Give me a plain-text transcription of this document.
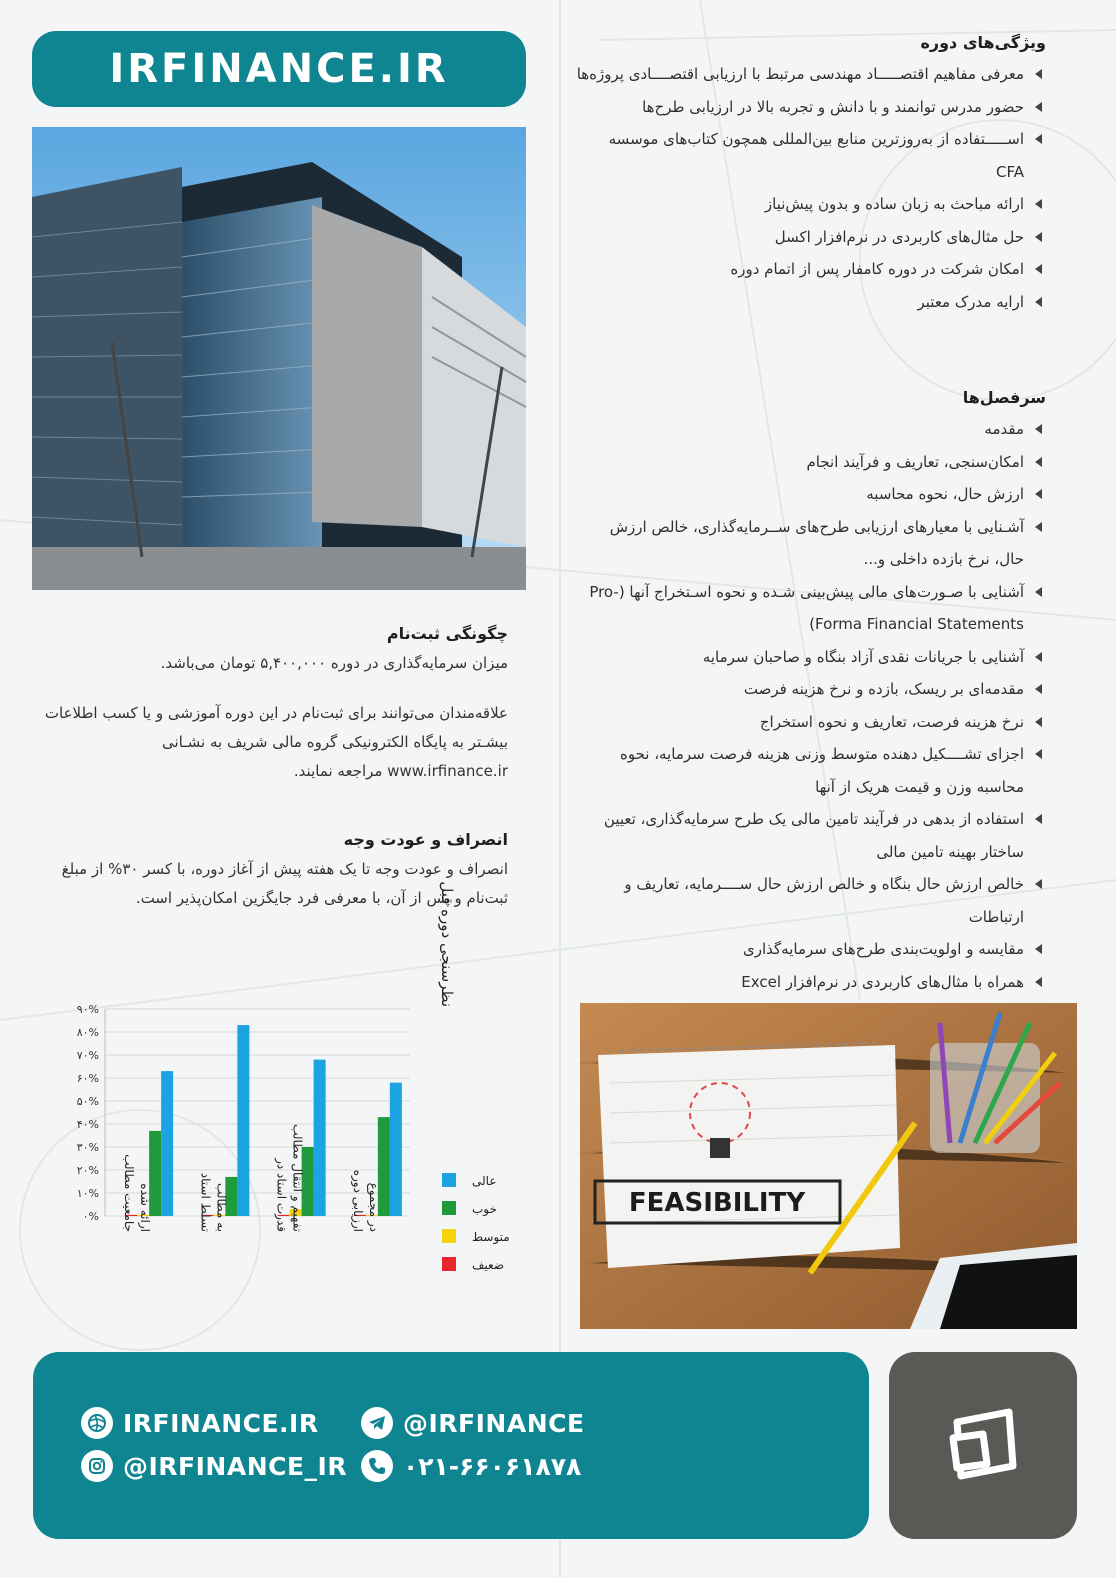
IRFINANCE.IR
ویژگی‌های دوره
معرفی مفاهیم اقتصـــــاد مهندسی مرتبط با ارزیابی اقتصــــادی پروژه‌ها
حضور مدرس توانمند و با دانش و تجربه بالا در ارزیابی طرح‌ها
اســـــتفاده از به‌روزترین منابع بین‌المللی همچون کتاب‌های موسسه CFA
ارائه مباحث به زبان ساده و بدون پیش‌نیاز
حل مثال‌های کاربردی در نرم‌افزار اکسل
امکان شرکت در دوره کامفار پس از اتمام دوره
ارایه مدرک معتبر
سرفصل‌ها
مقدمه
امکان‌سنجی، تعاریف و فرآیند انجام
ارزش حال، نحوه محاسبه
آشـنایی با معیارهای ارزیابی طرح‌های ســرمایه‌گذاری، خالص ارزش حال، نرخ بازده داخلی و...
آشنایی با صـورت‌های مالی پیش‌بینی شـده و نحوه اسـتخراج آنها (Pro-Forma Financial Statements)
آشنایی با جریانات نقدی آزاد بنگاه و صاحبان سرمایه
مقدمه‌ای بر ریسک، بازده و نرخ هزینه فرصت
نرخ هزینه فرصت، تعاریف و نحوه استخراج
اجزای تشــــکیل دهنده متوسط وزنی هزینه فرصت سرمایه، نحوه محاسبه وزن و قیمت هریک از آنها
استفاده از بدهی در فرآیند تامین مالی یک طرح سرمایه‌گذاری، تعیین ساختار بهینه تامین مالی
خالص ارزش حال بنگاه و خالص ارزش حال ســــرمایه، تعاریف و ارتباطات
مقایسه و اولویت‌بندی طرح‌های سرمایه‌گذاری
همراه با مثال‌های کاربردی در نرم‌افزار Excel
چگونگی ثبت‌نام

میزان سرمایه‌گذاری در دوره ۵,۴۰۰,۰۰۰ تومان می‌باشد.

علاقه‌مندان می‌توانند برای ثبت‌نام در این دوره آموزشی و یا کسب اطلاعات بیشـتر به پایگاه الکترونیکی گروه مالی شریف به نشـانی www.irfinance.ir مراجعه نمایند.

انصراف و عودت وجه

انصراف و عودت وجه تا یک هفته پیش از آغاز دوره، با کسر ۳۰% از مبلغ ثبت‌نام و پس از آن، با معرفی فرد جایگزین امکان‌پذیر است.

۰%
۱۰%
۲۰%
۳۰%
۴۰%
۵۰%
۶۰%
۷۰%
۸۰%
۹۰%
جامعیت مطالب ارائه شده	تسلط استاد به مطالب	قدرت استاد در تفهیم و انتقال مطالب	ارزیابی دوره در مجموع
نظرسنجی دوره قبل
عالی
خوب
متوسط
ضعیف
FEASIBILITY
IRFINANCE.IR
@IRFINANCE_IR
@IRFINANCE
۰۲۱-۶۶۰۶۱۸۷۸
